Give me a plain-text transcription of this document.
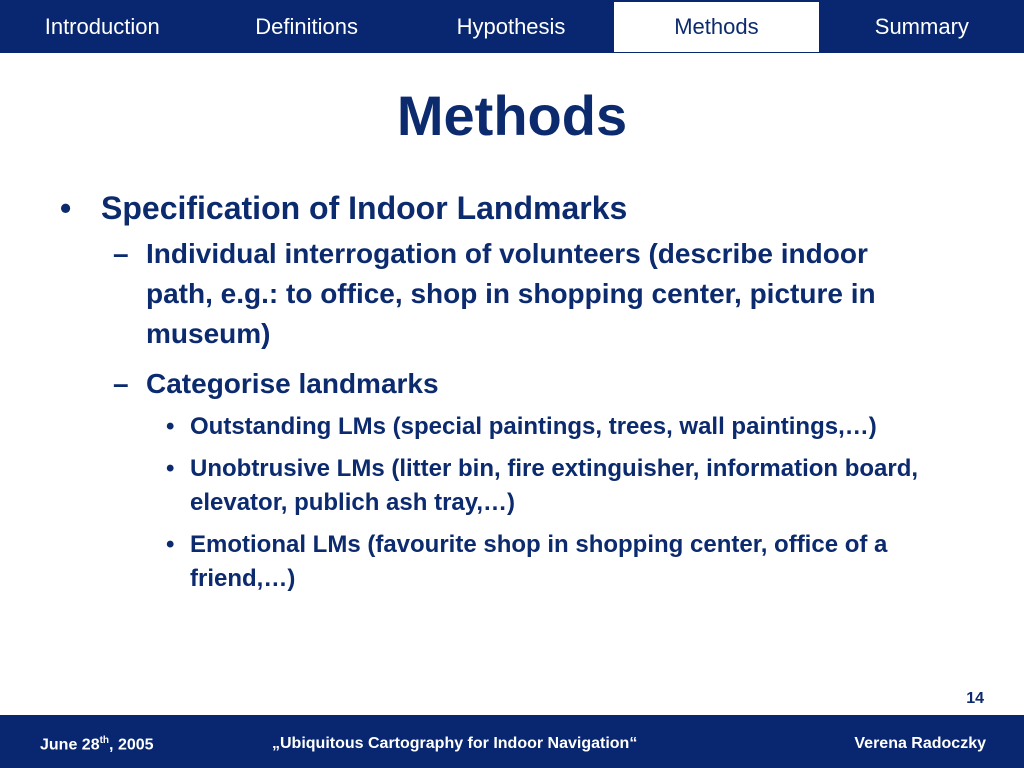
Introduction	Definitions	Hypothesis	Methods	Summary
Methods
• Specification of Indoor Landmarks
– Individual interrogation of volunteers (describe indoor path, e.g.: to office, shop in shopping center, picture in museum)
– Categorise landmarks
• Outstanding LMs (special paintings, trees, wall paintings,…)
• Unobtrusive LMs (litter bin, fire extinguisher, information board, elevator, publich ash tray,…)
• Emotional LMs (favourite shop in shopping center, office of a friend,…)
14
June 28th, 2005	„Ubiquitous Cartography for Indoor Navigation“	Verena Radoczky
